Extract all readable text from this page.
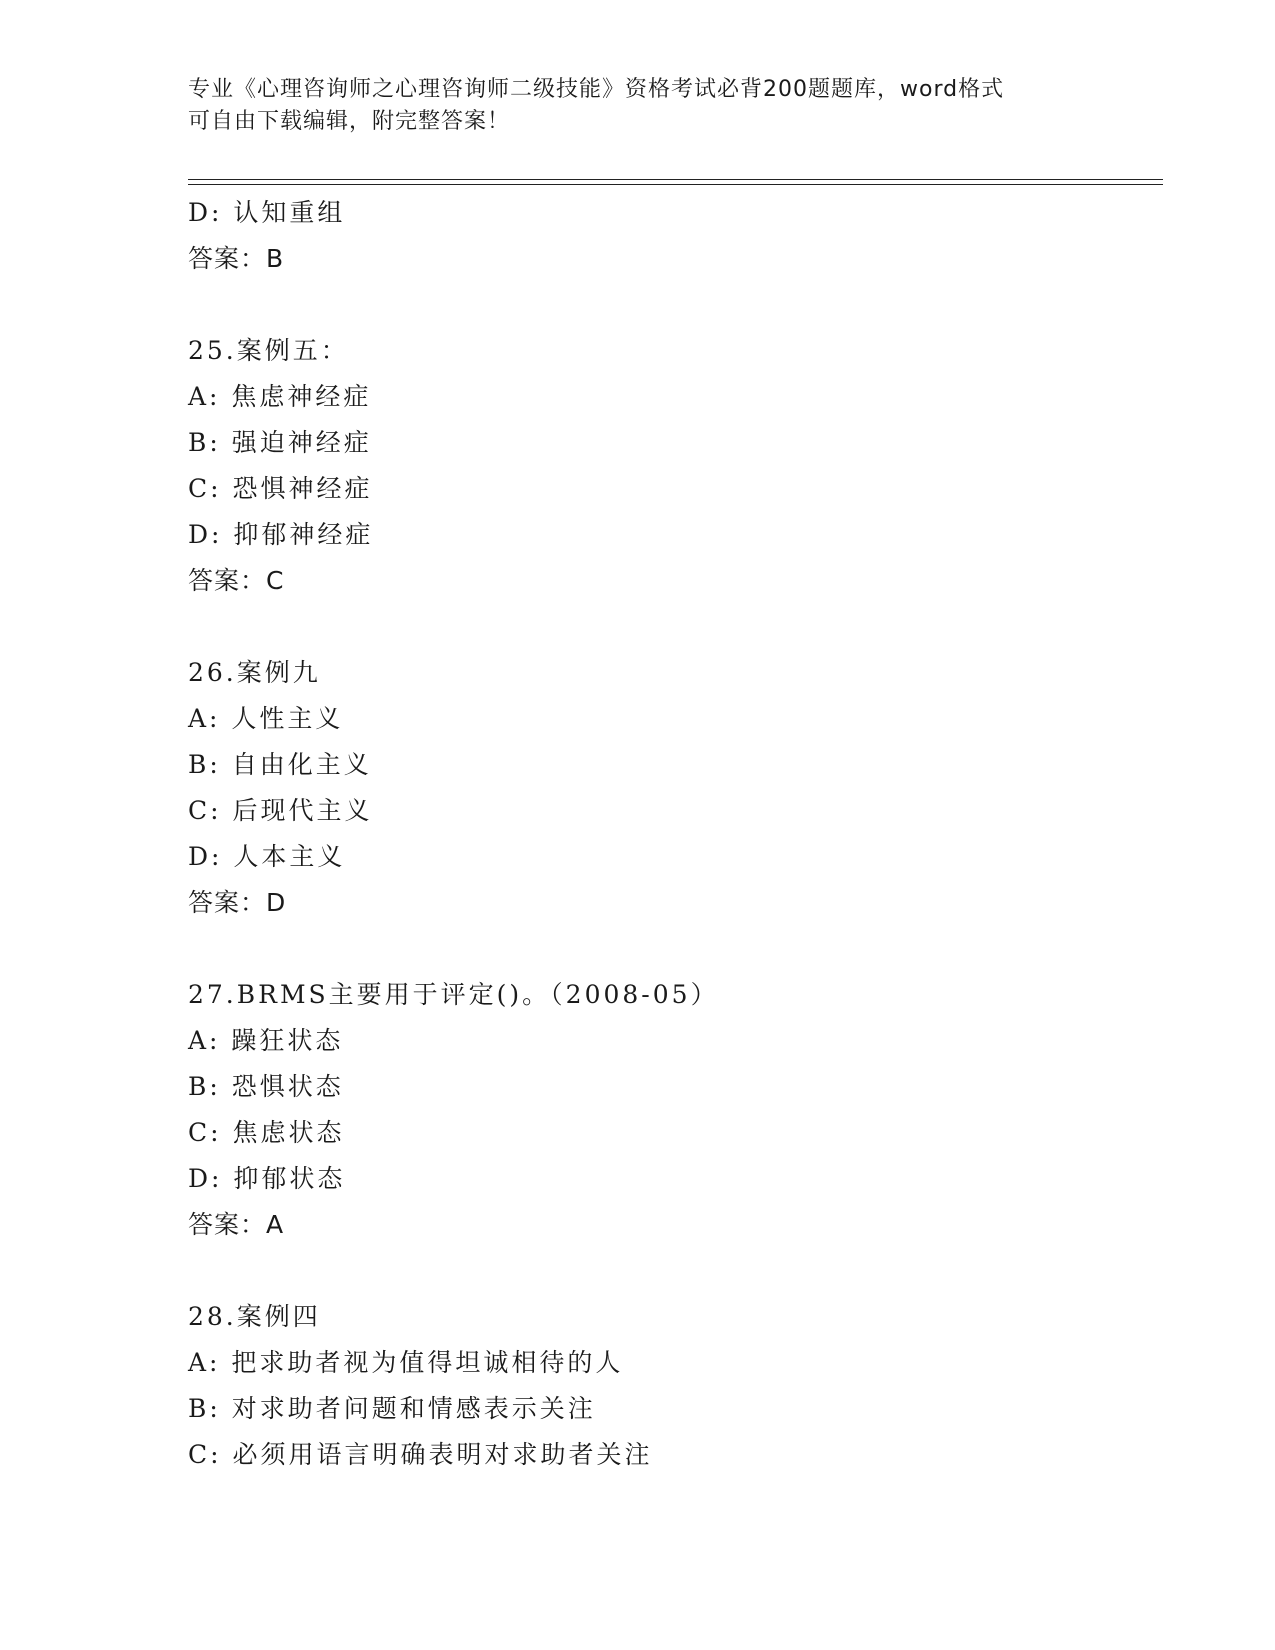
专业《心理咨询师之心理咨询师二级技能》资格考试必背200题题库，word格式
可自由下载编辑，附完整答案！
D: 认知重组
答案：B
25.案例五：
A: 焦虑神经症
B: 强迫神经症
C: 恐惧神经症
D: 抑郁神经症
答案：C
26.案例九
A: 人性主义
B: 自由化主义
C: 后现代主义
D: 人本主义
答案：D
27.BRMS主要用于评定()。（2008-05）
A: 躁狂状态
B: 恐惧状态
C: 焦虑状态
D: 抑郁状态
答案：A
28.案例四
A: 把求助者视为值得坦诚相待的人
B: 对求助者问题和情感表示关注
C: 必须用语言明确表明对求助者关注
